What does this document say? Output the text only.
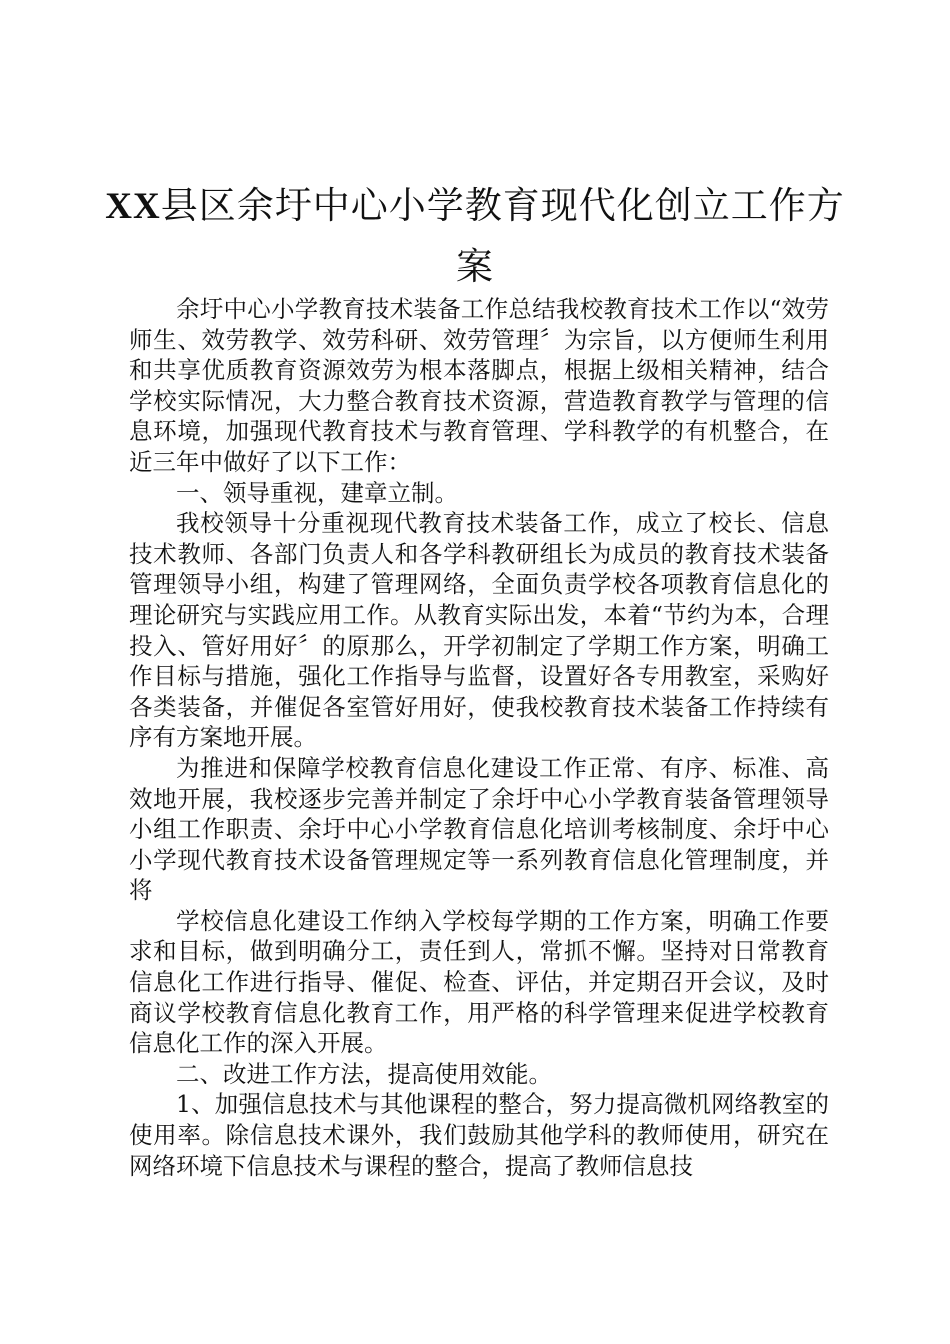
XX县区余圩中心小学教育现代化创立工作方
案

余圩中心小学教育技术装备工作总结我校教育技术工作以“效劳师生、效劳教学、效劳科研、效劳管理〞为宗旨，以方便师生利用和共享优质教育资源效劳为根本落脚点，根据上级相关精神，结合学校实际情况，大力整合教育技术资源，营造教育教学与管理的信息环境，加强现代教育技术与教育管理、学科教学的有机整合，在近三年中做好了以下工作：

一、领导重视，建章立制。

我校领导十分重视现代教育技术装备工作，成立了校长、信息技术教师、各部门负责人和各学科教研组长为成员的教育技术装备管理领导小组，构建了管理网络，全面负责学校各项教育信息化的理论研究与实践应用工作。从教育实际出发，本着“节约为本，合理投入、管好用好〞的原那么，开学初制定了学期工作方案，明确工作目标与措施，强化工作指导与监督，设置好各专用教室，采购好各类装备，并催促各室管好用好，使我校教育技术装备工作持续有序有方案地开展。

为推进和保障学校教育信息化建设工作正常、有序、标准、高效地开展，我校逐步完善并制定了余圩中心小学教育装备管理领导小组工作职责、余圩中心小学教育信息化培训考核制度、余圩中心小学现代教育技术设备管理规定等一系列教育信息化管理制度，并将

学校信息化建设工作纳入学校每学期的工作方案，明确工作要求和目标，做到明确分工，责任到人，常抓不懈。坚持对日常教育信息化工作进行指导、催促、检查、评估，并定期召开会议，及时商议学校教育信息化教育工作，用严格的科学管理来促进学校教育信息化工作的深入开展。

二、改进工作方法，提高使用效能。

1、加强信息技术与其他课程的整合，努力提高微机网络教室的使用率。除信息技术课外，我们鼓励其他学科的教师使用，研究在网络环境下信息技术与课程的整合，提高了教师信息技
